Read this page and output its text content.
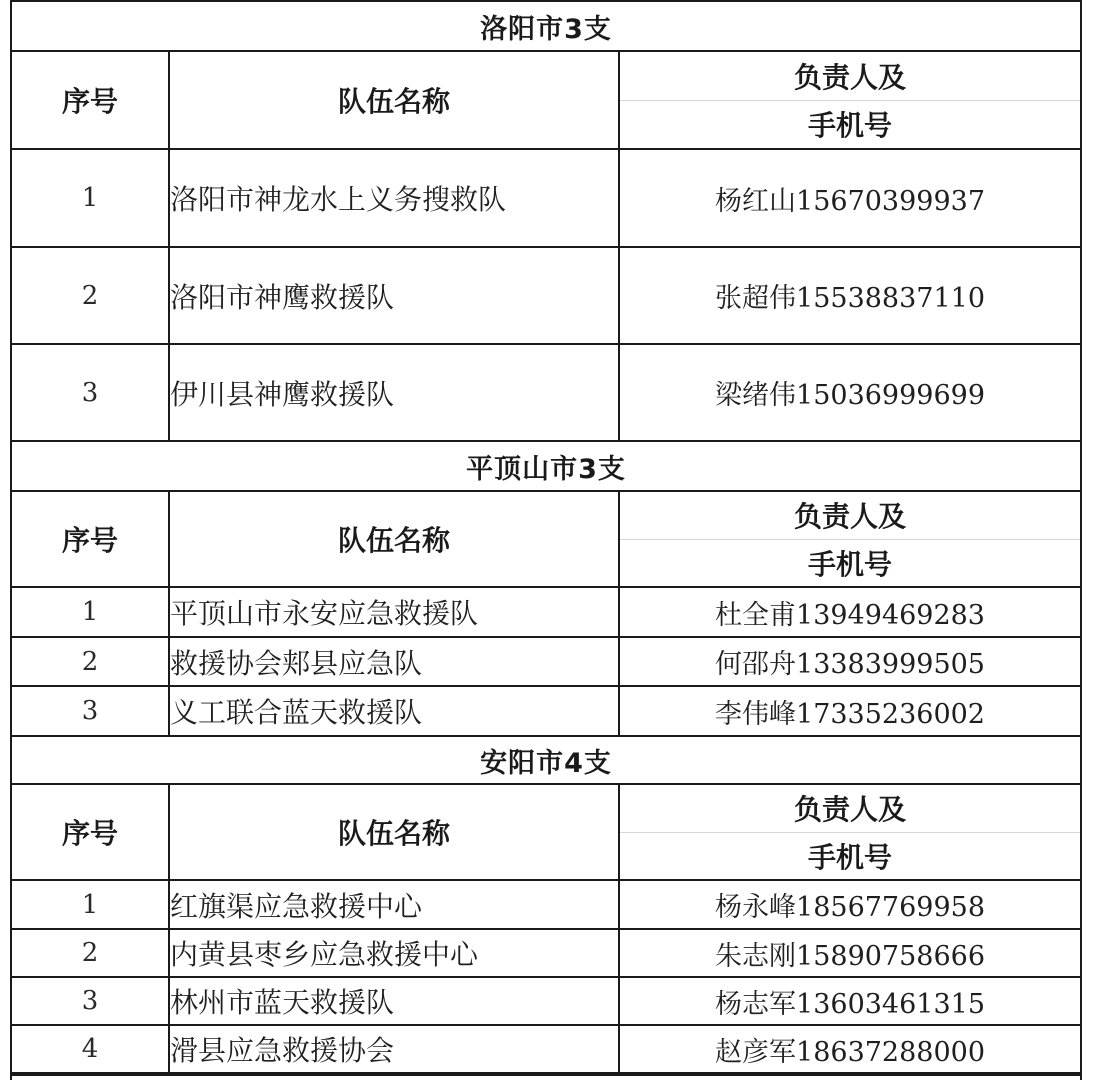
洛阳市3支		
序号	队伍名称	负责人及
		手机号
1	洛阳市神龙水上义务搜救队	杨红山15670399937
2	洛阳市神鹰救援队	张超伟15538837110
3	伊川县神鹰救援队	梁绪伟15036999699
平顶山市3支		
序号	队伍名称	负责人及
		手机号
1	平顶山市永安应急救援队	杜全甫13949469283
2	救援协会郏县应急队	何邵舟13383999505
3	义工联合蓝天救援队	李伟峰17335236002
安阳市4支		
序号	队伍名称	负责人及
		手机号
1	红旗渠应急救援中心	杨永峰18567769958
2	内黄县枣乡应急救援中心	朱志刚15890758666
3	林州市蓝天救援队	杨志军13603461315
4	滑县应急救援协会	赵彦军18637288000
